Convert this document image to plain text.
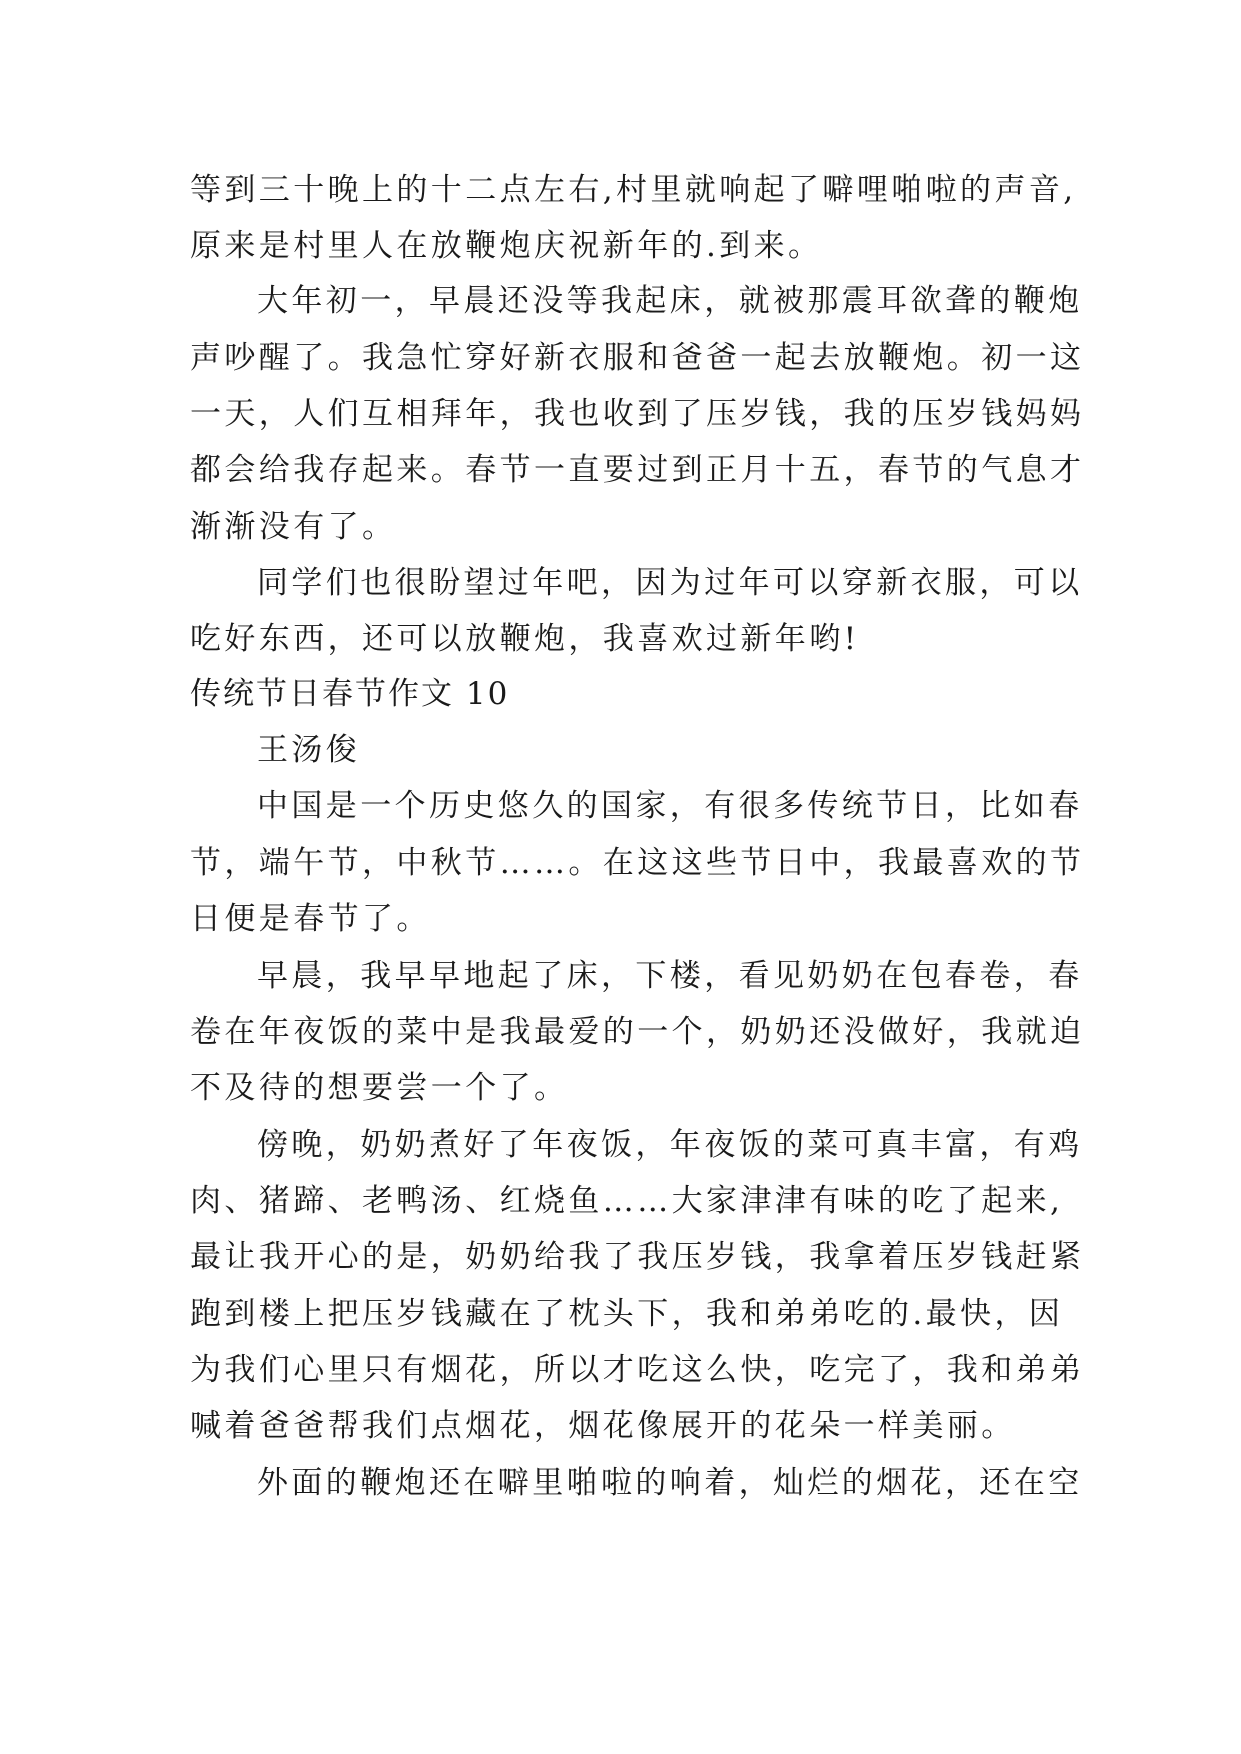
等到三十晚上的十二点左右,村里就响起了噼哩啪啦的声音,
原来是村里人在放鞭炮庆祝新年的.到来。
大年初一，早晨还没等我起床，就被那震耳欲聋的鞭炮
声吵醒了。我急忙穿好新衣服和爸爸一起去放鞭炮。初一这
一天，人们互相拜年，我也收到了压岁钱，我的压岁钱妈妈
都会给我存起来。春节一直要过到正月十五，春节的气息才
渐渐没有了。
同学们也很盼望过年吧，因为过年可以穿新衣服，可以
吃好东西，还可以放鞭炮，我喜欢过新年哟!
传统节日春节作文 10
王汤俊
中国是一个历史悠久的国家，有很多传统节日，比如春
节，端午节，中秋节……。在这这些节日中，我最喜欢的节
日便是春节了。
早晨，我早早地起了床，下楼，看见奶奶在包春卷，春
卷在年夜饭的菜中是我最爱的一个，奶奶还没做好，我就迫
不及待的想要尝一个了。
傍晚，奶奶煮好了年夜饭，年夜饭的菜可真丰富，有鸡
肉、猪蹄、老鸭汤、红烧鱼……大家津津有味的吃了起来,
最让我开心的是，奶奶给我了我压岁钱，我拿着压岁钱赶紧
跑到楼上把压岁钱藏在了枕头下，我和弟弟吃的.最快，因
为我们心里只有烟花，所以才吃这么快，吃完了，我和弟弟
喊着爸爸帮我们点烟花，烟花像展开的花朵一样美丽。
外面的鞭炮还在噼里啪啦的响着，灿烂的烟花，还在空
